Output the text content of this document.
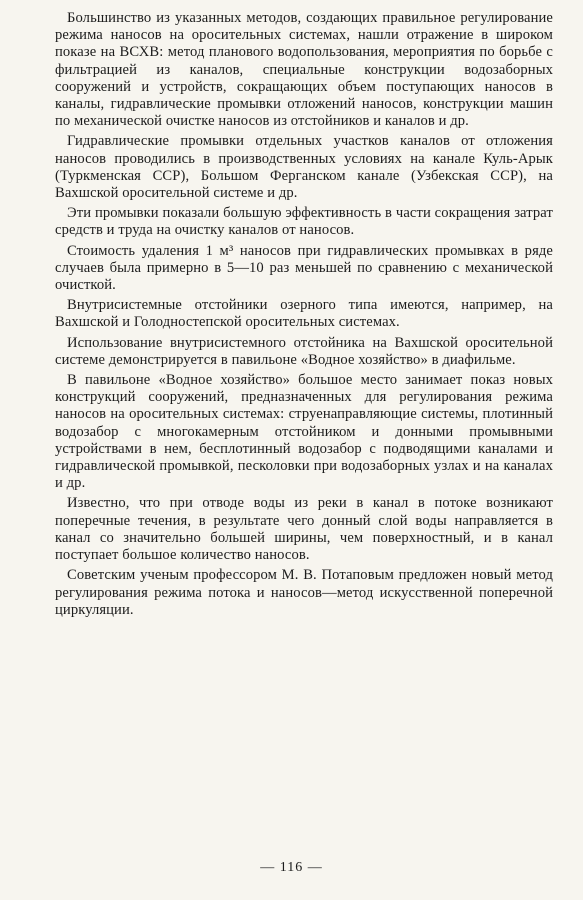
Большинство из указанных методов, создающих правильное регулирование режима наносов на оросительных системах, нашли отражение в широком показе на ВСХВ: метод планового водопользования, мероприятия по борьбе с фильтрацией из каналов, специальные конструкции водозаборных сооружений и устройств, сокращающих объем поступающих наносов в каналы, гидравлические промывки отложений наносов, конструкции машин по механической очистке наносов из отстойников и каналов и др.

Гидравлические промывки отдельных участков каналов от отложения наносов проводились в производственных условиях на канале Куль-Арык (Туркменская ССР), Большом Ферганском канале (Узбекская ССР), на Вахшской оросительной системе и др.

Эти промывки показали большую эффективность в части сокращения затрат средств и труда на очистку каналов от наносов.

Стоимость удаления 1 м³ наносов при гидравлических промывках в ряде случаев была примерно в 5—10 раз меньшей по сравнению с механической очисткой.

Внутрисистемные отстойники озерного типа имеются, например, на Вахшской и Голодностепской оросительных системах.

Использование внутрисистемного отстойника на Вахшской оросительной системе демонстрируется в павильоне «Водное хозяйство» в диафильме.

В павильоне «Водное хозяйство» большое место занимает показ новых конструкций сооружений, предназначенных для регулирования режима наносов на оросительных системах: струенаправляющие системы, плотинный водозабор с многокамерным отстойником и донными промывными устройствами в нем, бесплотинный водозабор с подводящими каналами и гидравлической промывкой, песколовки при водозаборных узлах и на каналах и др.

Известно, что при отводе воды из реки в канал в потоке возникают поперечные течения, в результате чего донный слой воды направляется в канал со значительно большей ширины, чем поверхностный, и в канал поступает большое количество наносов.

Советским ученым профессором М. В. Потаповым предложен новый метод регулирования режима потока и наносов—метод искусственной поперечной циркуляции.

— 116 —
